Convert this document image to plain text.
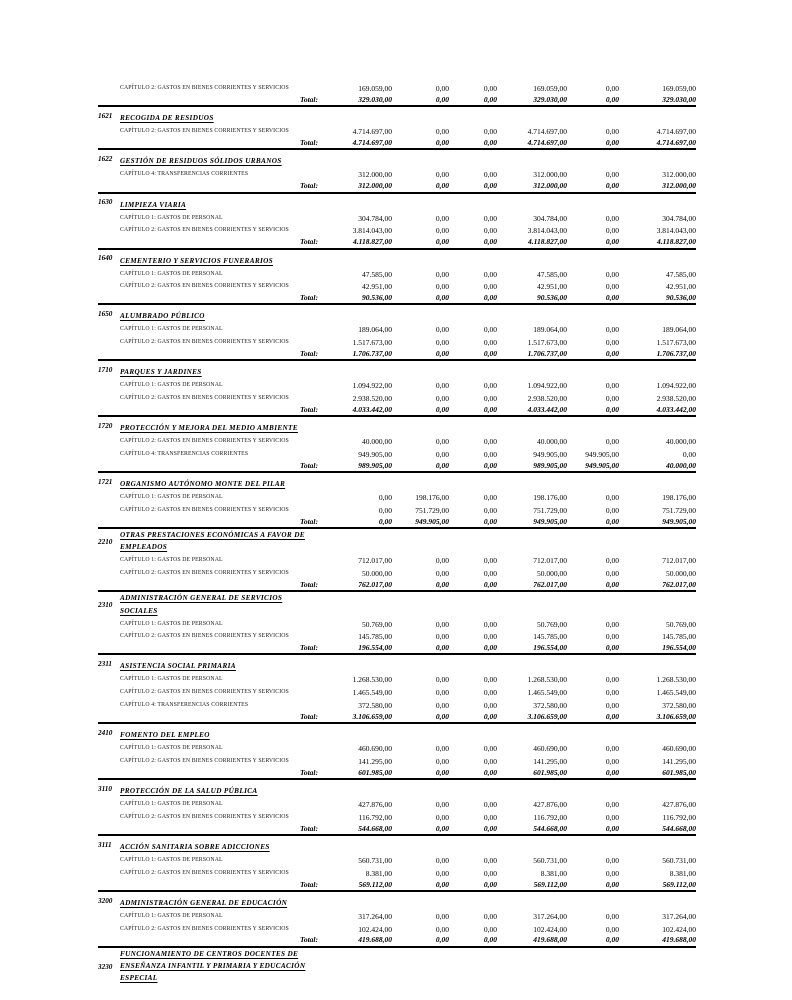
CAPÍTULO 2: GASTOS EN BIENES CORRIENTES Y SERVICIOS	169.059,00	0,00	0,00	169.059,00	0,00	169.059,00
Total:	329.030,00	0,00	0,00	329.030,00	0,00	329.030,00
1621	RECOGIDA DE RESIDUOS
CAPÍTULO 2: GASTOS EN BIENES CORRIENTES Y SERVICIOS	4.714.697,00	0,00	0,00	4.714.697,00	0,00	4.714.697,00
Total:	4.714.697,00	0,00	0,00	4.714.697,00	0,00	4.714.697,00
1622	GESTIÓN DE RESIDUOS SÓLIDOS URBANOS
CAPÍTULO 4: TRANSFERENCIAS CORRIENTES	312.000,00	0,00	0,00	312.000,00	0,00	312.000,00
Total:	312.000,00	0,00	0,00	312.000,00	0,00	312.000,00
1630	LIMPIEZA VIARIA
CAPÍTULO 1: GASTOS DE PERSONAL	304.784,00	0,00	0,00	304.784,00	0,00	304.784,00
CAPÍTULO 2: GASTOS EN BIENES CORRIENTES Y SERVICIOS	3.814.043,00	0,00	0,00	3.814.043,00	0,00	3.814.043,00
Total:	4.118.827,00	0,00	0,00	4.118.827,00	0,00	4.118.827,00
1640	CEMENTERIO Y SERVICIOS FUNERARIOS
CAPÍTULO 1: GASTOS DE PERSONAL	47.585,00	0,00	0,00	47.585,00	0,00	47.585,00
CAPÍTULO 2: GASTOS EN BIENES CORRIENTES Y SERVICIOS	42.951,00	0,00	0,00	42.951,00	0,00	42.951,00
Total:	90.536,00	0,00	0,00	90.536,00	0,00	90.536,00
1650	ALUMBRADO PÚBLICO
CAPÍTULO 1: GASTOS DE PERSONAL	189.064,00	0,00	0,00	189.064,00	0,00	189.064,00
CAPÍTULO 2: GASTOS EN BIENES CORRIENTES Y SERVICIOS	1.517.673,00	0,00	0,00	1.517.673,00	0,00	1.517.673,00
Total:	1.706.737,00	0,00	0,00	1.706.737,00	0,00	1.706.737,00
1710	PARQUES Y JARDINES
CAPÍTULO 1: GASTOS DE PERSONAL	1.094.922,00	0,00	0,00	1.094.922,00	0,00	1.094.922,00
CAPÍTULO 2: GASTOS EN BIENES CORRIENTES Y SERVICIOS	2.938.520,00	0,00	0,00	2.938.520,00	0,00	2.938.520,00
Total:	4.033.442,00	0,00	0,00	4.033.442,00	0,00	4.033.442,00
1720	PROTECCIÓN Y MEJORA DEL MEDIO AMBIENTE
CAPÍTULO 2: GASTOS EN BIENES CORRIENTES Y SERVICIOS	40.000,00	0,00	0,00	40.000,00	0,00	40.000,00
CAPÍTULO 4: TRANSFERENCIAS CORRIENTES	949.905,00	0,00	0,00	949.905,00	949.905,00	0,00
Total:	989.905,00	0,00	0,00	989.905,00	949.905,00	40.000,00
1721	ORGANISMO AUTÓNOMO MONTE DEL PILAR
CAPÍTULO 1: GASTOS DE PERSONAL	0,00	198.176,00	0,00	198.176,00	0,00	198.176,00
CAPÍTULO 2: GASTOS EN BIENES CORRIENTES Y SERVICIOS	0,00	751.729,00	0,00	751.729,00	0,00	751.729,00
Total:	0,00	949.905,00	0,00	949.905,00	0,00	949.905,00
2210
OTRAS PRESTACIONES ECONÓMICAS A FAVOR DE EMPLEADOS
CAPÍTULO 1: GASTOS DE PERSONAL	712.017,00	0,00	0,00	712.017,00	0,00	712.017,00
CAPÍTULO 2: GASTOS EN BIENES CORRIENTES Y SERVICIOS	50.000,00	0,00	0,00	50.000,00	0,00	50.000,00
Total:	762.017,00	0,00	0,00	762.017,00	0,00	762.017,00
2310
ADMINISTRACIÓN GENERAL DE SERVICIOS SOCIALES
CAPÍTULO 1: GASTOS DE PERSONAL	50.769,00	0,00	0,00	50.769,00	0,00	50.769,00
CAPÍTULO 2: GASTOS EN BIENES CORRIENTES Y SERVICIOS	145.785,00	0,00	0,00	145.785,00	0,00	145.785,00
Total:	196.554,00	0,00	0,00	196.554,00	0,00	196.554,00
2311	ASISTENCIA SOCIAL PRIMARIA
CAPÍTULO 1: GASTOS DE PERSONAL	1.268.530,00	0,00	0,00	1.268.530,00	0,00	1.268.530,00
CAPÍTULO 2: GASTOS EN BIENES CORRIENTES Y SERVICIOS	1.465.549,00	0,00	0,00	1.465.549,00	0,00	1.465.549,00
CAPÍTULO 4: TRANSFERENCIAS CORRIENTES	372.580,00	0,00	0,00	372.580,00	0,00	372.580,00
Total:	3.106.659,00	0,00	0,00	3.106.659,00	0,00	3.106.659,00
2410	FOMENTO DEL EMPLEO
CAPÍTULO 1: GASTOS DE PERSONAL	460.690,00	0,00	0,00	460.690,00	0,00	460.690,00
CAPÍTULO 2: GASTOS EN BIENES CORRIENTES Y SERVICIOS	141.295,00	0,00	0,00	141.295,00	0,00	141.295,00
Total:	601.985,00	0,00	0,00	601.985,00	0,00	601.985,00
3110	PROTECCIÓN DE LA SALUD PÚBLICA
CAPÍTULO 1: GASTOS DE PERSONAL	427.876,00	0,00	0,00	427.876,00	0,00	427.876,00
CAPÍTULO 2: GASTOS EN BIENES CORRIENTES Y SERVICIOS	116.792,00	0,00	0,00	116.792,00	0,00	116.792,00
Total:	544.668,00	0,00	0,00	544.668,00	0,00	544.668,00
3111	ACCIÓN SANITARIA SOBRE ADICCIONES
CAPÍTULO 1: GASTOS DE PERSONAL	560.731,00	0,00	0,00	560.731,00	0,00	560.731,00
CAPÍTULO 2: GASTOS EN BIENES CORRIENTES Y SERVICIOS	8.381,00	0,00	0,00	8.381,00	0,00	8.381,00
Total:	569.112,00	0,00	0,00	569.112,00	0,00	569.112,00
3200	ADMINISTRACIÓN GENERAL DE EDUCACIÓN
CAPÍTULO 1: GASTOS DE PERSONAL	317.264,00	0,00	0,00	317.264,00	0,00	317.264,00
CAPÍTULO 2: GASTOS EN BIENES CORRIENTES Y SERVICIOS	102.424,00	0,00	0,00	102.424,00	0,00	102.424,00
Total:	419.688,00	0,00	0,00	419.688,00	0,00	419.688,00
3230
FUNCIONAMIENTO DE CENTROS DOCENTES DE ENSEÑANZA INFANTIL Y PRIMARIA Y EDUCACIÓN ESPECIAL
